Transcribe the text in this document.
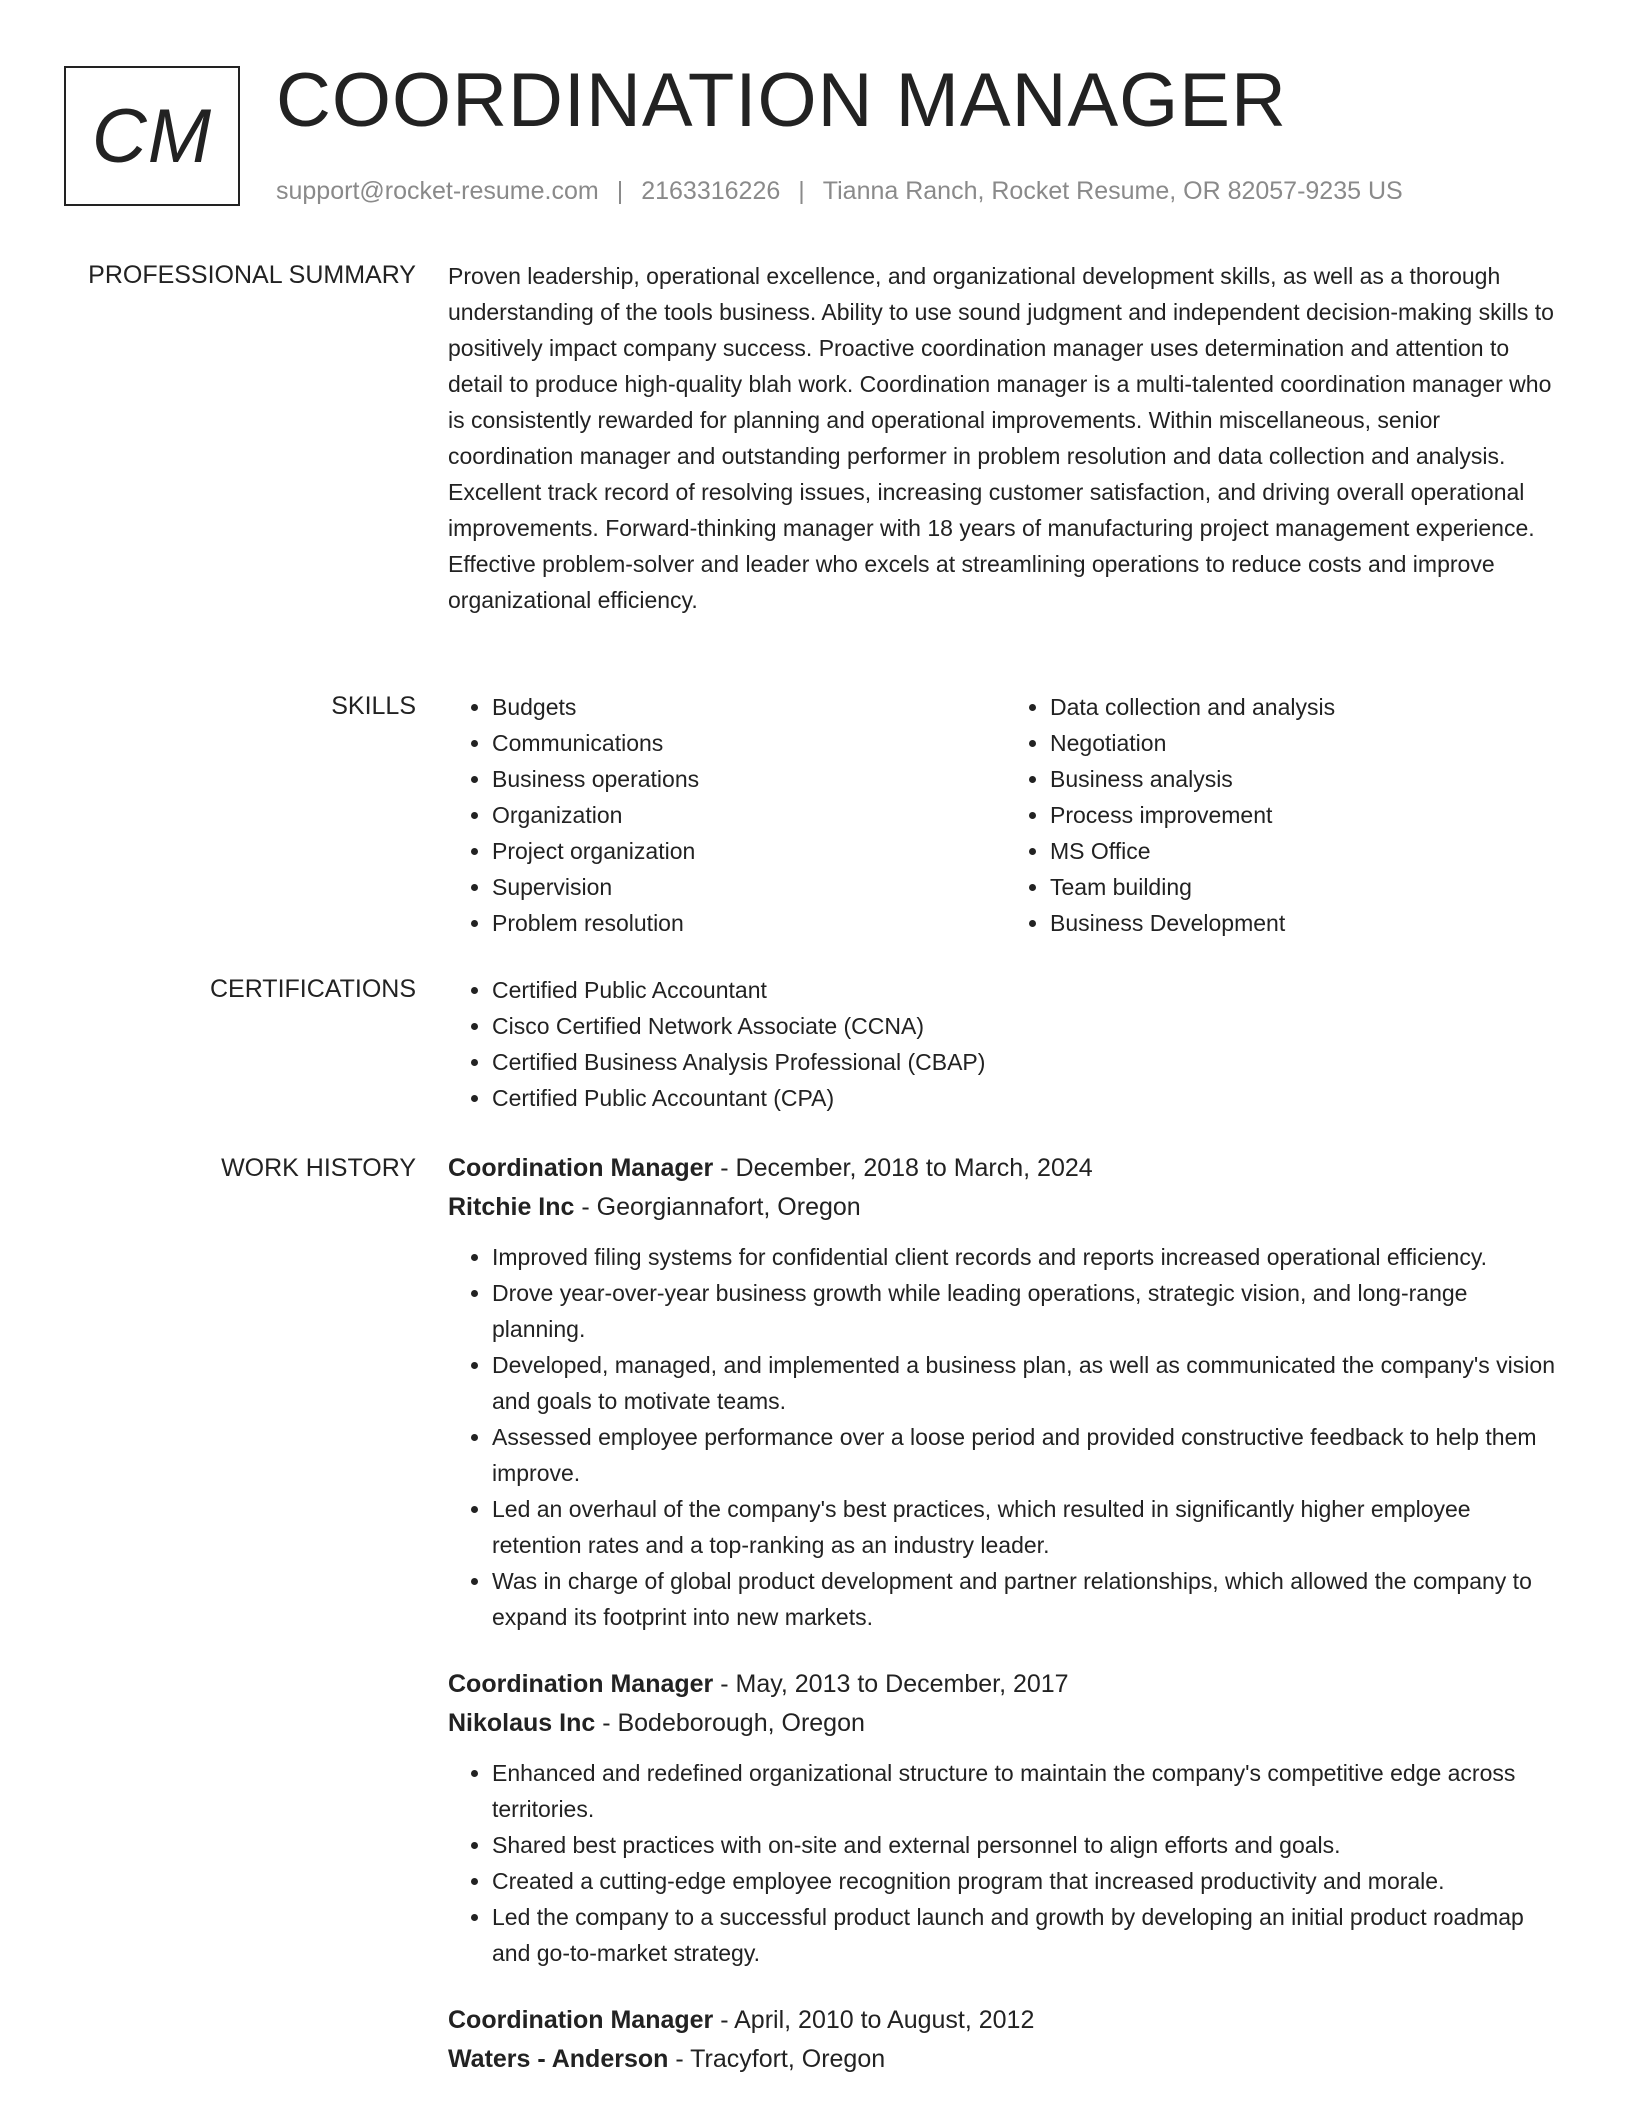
CM COORDINATION MANAGER
support@rocket-resume.com | 2163316226 | Tianna Ranch, Rocket Resume, OR 82057-9235 US
PROFESSIONAL SUMMARY Proven leadership, operational excellence, and organizational development skills, as well as a thorough understanding of the tools business. Ability to use sound judgment and independent decision-making skills to positively impact company success. Proactive coordination manager uses determination and attention to detail to produce high-quality blah work. Coordination manager is a multi-talented coordination manager who is consistently rewarded for planning and operational improvements. Within miscellaneous, senior coordination manager and outstanding performer in problem resolution and data collection and analysis. Excellent track record of resolving issues, increasing customer satisfaction, and driving overall operational improvements. Forward-thinking manager with 18 years of manufacturing project management experience. Effective problem-solver and leader who excels at streamlining operations to reduce costs and improve organizational efficiency.

SKILLS	• Budgets
• Communications
• Business operations
• Organization
• Project organization
• Supervision
• Problem resolution
• Data collection and analysis
• Negotiation
• Business analysis
• Process improvement
• MS Office
• Team building
• Business Development
CERTIFICATIONS	• Certified Public Accountant
• Cisco Certified Network Associate (CCNA)
• Certified Business Analysis Professional (CBAP)
• Certified Public Accountant (CPA)
WORK HISTORY Coordination Manager - December, 2018 to March, 2024
Ritchie Inc - Georgiannafort, Oregon
• Improved filing systems for confidential client records and reports increased operational efficiency.
• Drove year-over-year business growth while leading operations, strategic vision, and long-range planning.
• Developed, managed, and implemented a business plan, as well as communicated the company's vision and goals to motivate teams.
• Assessed employee performance over a loose period and provided constructive feedback to help them improve.
• Led an overhaul of the company's best practices, which resulted in significantly higher employee retention rates and a top-ranking as an industry leader.
• Was in charge of global product development and partner relationships, which allowed the company to expand its footprint into new markets.
Coordination Manager - May, 2013 to December, 2017
Nikolaus Inc - Bodeborough, Oregon
• Enhanced and redefined organizational structure to maintain the company's competitive edge across territories.
• Shared best practices with on-site and external personnel to align efforts and goals.
• Created a cutting-edge employee recognition program that increased productivity and morale.
• Led the company to a successful product launch and growth by developing an initial product roadmap and go-to-market strategy.
Coordination Manager - April, 2010 to August, 2012
Waters - Anderson - Tracyfort, Oregon
